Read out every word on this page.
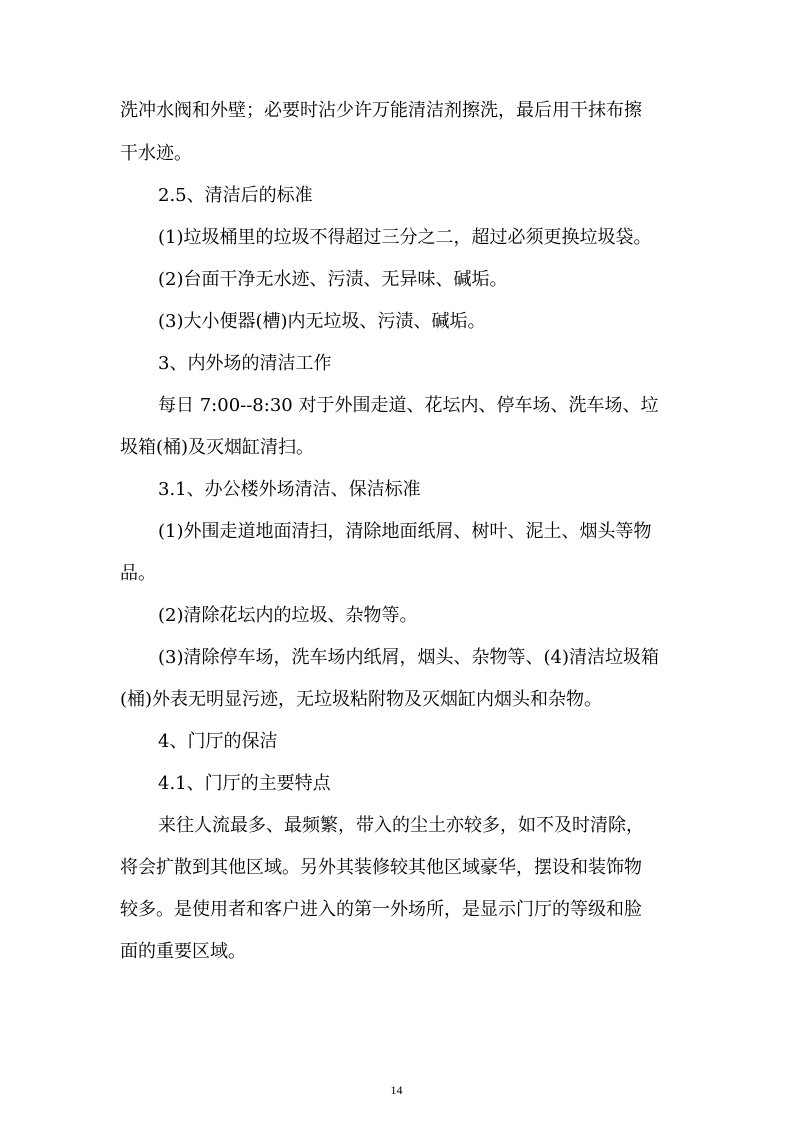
洗冲水阀和外壁；必要时沾少许万能清洁剂擦洗，最后用干抹布擦
干水迹。
2.5、清洁后的标准
(1)垃圾桶里的垃圾不得超过三分之二，超过必须更换垃圾袋。
(2)台面干净无水迹、污渍、无异味、碱垢。
(3)大小便器(槽)内无垃圾、污渍、碱垢。
3、内外场的清洁工作
每日 7:00--8:30 对于外围走道、花坛内、停车场、洗车场、垃
圾箱(桶)及灭烟缸清扫。
3.1、办公楼外场清洁、保洁标准
(1)外围走道地面清扫，清除地面纸屑、树叶、泥土、烟头等物
品。
(2)清除花坛内的垃圾、杂物等。
(3)清除停车场，洗车场内纸屑，烟头、杂物等、(4)清洁垃圾箱
(桶)外表无明显污迹，无垃圾粘附物及灭烟缸内烟头和杂物。
4、门厅的保洁
4.1、门厅的主要特点
来往人流最多、最频繁，带入的尘土亦较多，如不及时清除，
将会扩散到其他区域。另外其装修较其他区域豪华，摆设和装饰物
较多。是使用者和客户进入的第一外场所，是显示门厅的等级和脸
面的重要区域。
14
